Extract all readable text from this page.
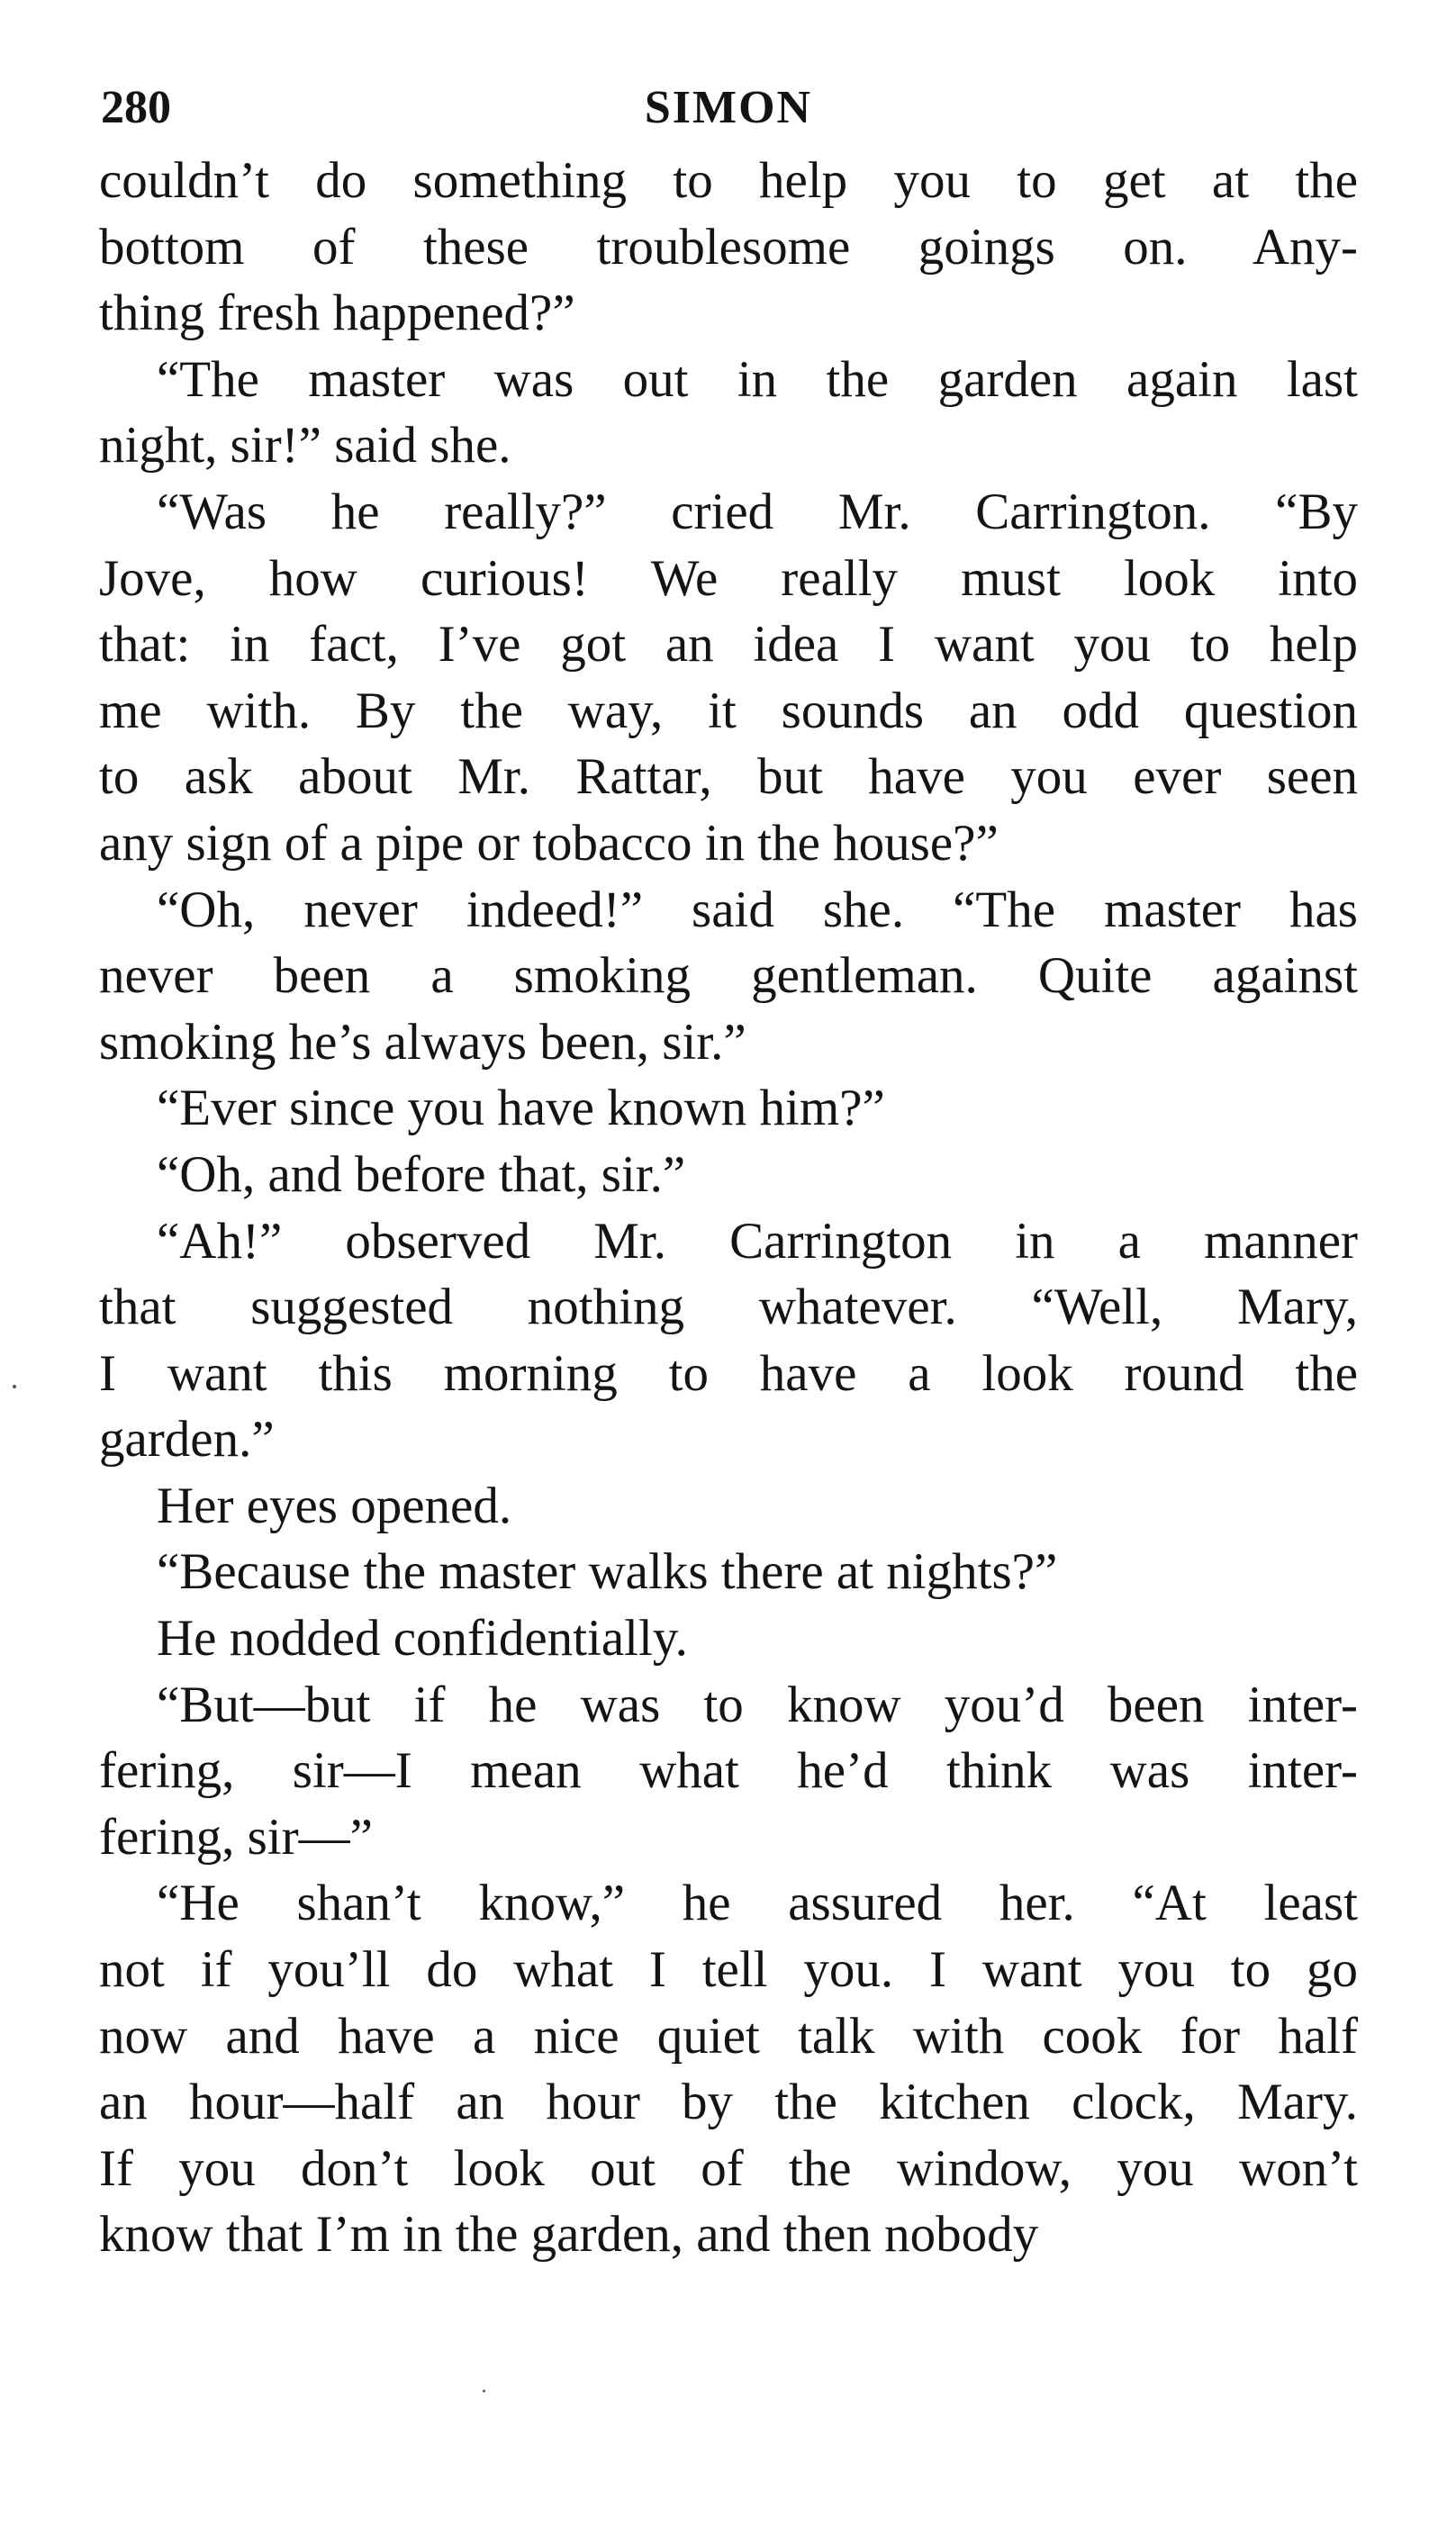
280	SIMON
couldn’t do something to help you to get at the
bottom of these troublesome goings on. Any-
thing fresh happened?”
“The master was out in the garden again last
night, sir!” said she.
“Was he really?” cried Mr. Carrington. “By
Jove, how curious! We really must look into
that: in fact, I’ve got an idea I want you to help
me with. By the way, it sounds an odd question
to ask about Mr. Rattar, but have you ever seen
any sign of a pipe or tobacco in the house?”
“Oh, never indeed!” said she. “The master has
never been a smoking gentleman. Quite against
smoking he’s always been, sir.”
“Ever since you have known him?”
“Oh, and before that, sir.”
“Ah!” observed Mr. Carrington in a manner
that suggested nothing whatever. “Well, Mary,
I want this morning to have a look round the
garden.”
Her eyes opened.
“Because the master walks there at nights?”
He nodded confidentially.
“But—but if he was to know you’d been inter-
fering, sir—I mean what he’d think was inter-
fering, sir—”
“He shan’t know,” he assured her. “At least
not if you’ll do what I tell you. I want you to go
now and have a nice quiet talk with cook for half
an hour—half an hour by the kitchen clock, Mary.
If you don’t look out of the window, you won’t
know that I’m in the garden, and then nobody
